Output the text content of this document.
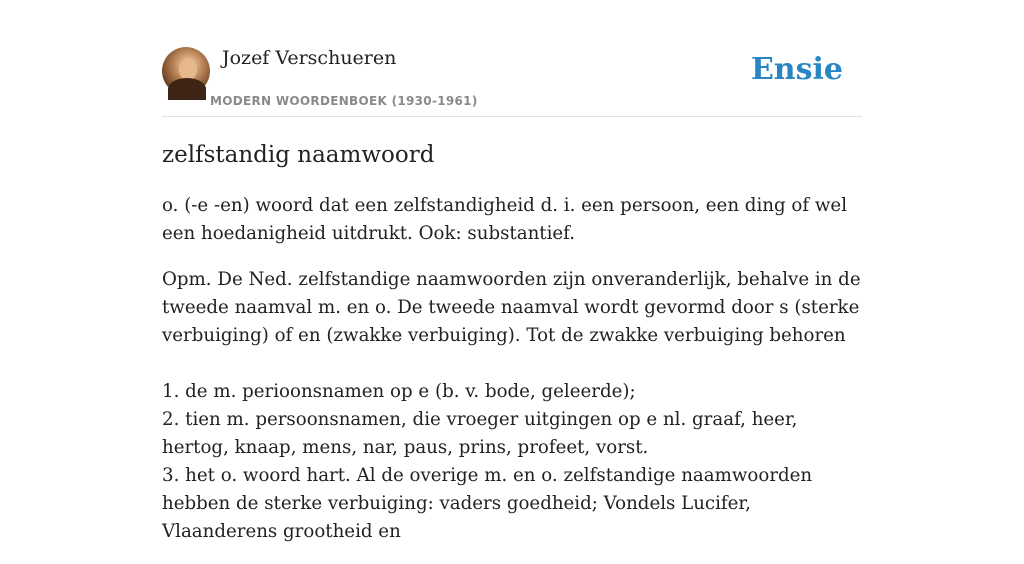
Jozef Verschueren
MODERN WOORDENBOEK (1930-1961)
Ensie
zelfstandig naamwoord

o. (-e -en) woord dat een zelfstandigheid d. i. een persoon, een ding of wel een hoedanigheid uitdrukt. Ook: substantief.

Opm. De Ned. zelfstandige naamwoorden zijn onveranderlijk, behalve in de tweede naamval m. en o. De tweede naamval wordt gevormd door s (sterke verbuiging) of en (zwakke verbuiging). Tot de zwakke verbuiging behoren

1. de m. perioonsnamen op e (b. v. bode, geleerde);
2. tien m. persoonsnamen, die vroeger uitgingen op e nl. graaf, heer, hertog, knaap, mens, nar, paus, prins, profeet, vorst.
3. het o. woord hart. Al de overige m. en o. zelfstandige naamwoorden hebben de sterke verbuiging: vaders goedheid; Vondels Lucifer, Vlaanderens grootheid en
